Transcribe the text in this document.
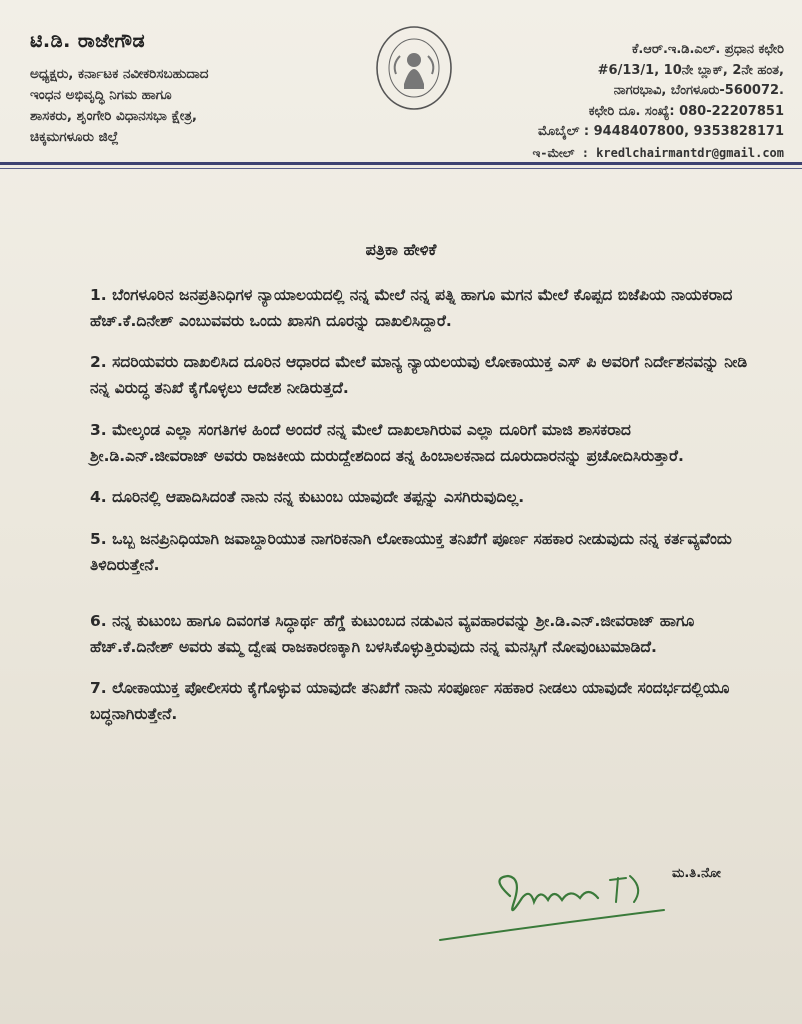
ಟಿ.ಡಿ. ರಾಜೇಗೌಡ
ಅಧ್ಯಕ್ಷರು, ಕರ್ನಾಟಕ ನವೀಕರಿಸಬಹುದಾದ
ಇಂಧನ ಅಭಿವೃದ್ಧಿ ನಿಗಮ ಹಾಗೂ
ಶಾಸಕರು, ಶೃಂಗೇರಿ ವಿಧಾನಸಭಾ ಕ್ಷೇತ್ರ,
ಚಿಕ್ಕಮಗಳೂರು ಜಿಲ್ಲೆ
ಕೆ.ಆರ್.ಇ.ಡಿ.ಎಲ್. ಪ್ರಧಾನ ಕಛೇರಿ
#6/13/1, 10ನೇ ಬ್ಲಾಕ್, 2ನೇ ಹಂತ,
ನಾಗರಭಾವಿ, ಬೆಂಗಳೂರು-560072.
ಕಛೇರಿ ದೂ. ಸಂಖ್ಯೆ: 080-22207851
ಮೊಬೈಲ್ : 9448407800, 9353828171
ಇ-ಮೇಲ್ : kredlchairmantdr@gmail.com
ಪತ್ರಿಕಾ ಹೇಳಿಕೆ

1. ಬೆಂಗಳೂರಿನ ಜನಪ್ರತಿನಿಧಿಗಳ ನ್ಯಾಯಾಲಯದಲ್ಲಿ ನನ್ನ ಮೇಲೆ ನನ್ನ ಪತ್ನಿ ಹಾಗೂ ಮಗನ ಮೇಲೆ ಕೊಪ್ಪದ ಬಿಜೆಪಿಯ ನಾಯಕರಾದ ಹೆಚ್.ಕೆ.ದಿನೇಶ್ ಎಂಬುವವರು ಒಂದು ಖಾಸಗಿ ದೂರನ್ನು ದಾಖಲಿಸಿದ್ದಾರೆ.

2. ಸದರಿಯವರು ದಾಖಲಿಸಿದ ದೂರಿನ ಆಧಾರದ ಮೇಲೆ ಮಾನ್ಯ ನ್ಯಾಯಲಯವು ಲೋಕಾಯುಕ್ತ ಎಸ್ ಪಿ ಅವರಿಗೆ ನಿರ್ದೇಶನವನ್ನು ನೀಡಿ ನನ್ನ ವಿರುದ್ಧ ತನಿಖೆ ಕೈಗೊಳ್ಳಲು ಆದೇಶ ನೀಡಿರುತ್ತದೆ.

3. ಮೇಲ್ಕಂಡ ಎಲ್ಲಾ ಸಂಗತಿಗಳ ಹಿಂದೆ ಅಂದರೆ ನನ್ನ ಮೇಲೆ ದಾಖಲಾಗಿರುವ ಎಲ್ಲಾ ದೂರಿಗೆ ಮಾಜಿ ಶಾಸಕರಾದ ಶ್ರೀ.ಡಿ.ಎನ್.ಜೀವರಾಜ್ ಅವರು ರಾಜಕೀಯ ದುರುದ್ದೇಶದಿಂದ ತನ್ನ ಹಿಂಬಾಲಕನಾದ ದೂರುದಾರನನ್ನು ಪ್ರಚೋದಿಸಿರುತ್ತಾರೆ.

4. ದೂರಿನಲ್ಲಿ ಆಪಾದಿಸಿದಂತೆ ನಾನು ನನ್ನ ಕುಟುಂಬ ಯಾವುದೇ ತಪ್ಪನ್ನು ಎಸಗಿರುವುದಿಲ್ಲ.

5. ಒಬ್ಬ ಜನಪ್ರಿನಿಧಿಯಾಗಿ ಜವಾಬ್ದಾರಿಯುತ ನಾಗರಿಕನಾಗಿ ಲೋಕಾಯುಕ್ತ ತನಿಖೆಗೆ ಪೂರ್ಣ ಸಹಕಾರ ನೀಡುವುದು ನನ್ನ ಕರ್ತವ್ಯವೆಂದು ತಿಳಿದಿರುತ್ತೇನೆ.

6. ನನ್ನ ಕುಟುಂಬ ಹಾಗೂ ದಿವಂಗತ ಸಿದ್ಧಾರ್ಥ ಹೆಗ್ಡೆ ಕುಟುಂಬದ ನಡುವಿನ ವ್ಯವಹಾರವನ್ನು ಶ್ರೀ.ಡಿ.ಎನ್.ಜೀವರಾಜ್ ಹಾಗೂ ಹೆಚ್.ಕೆ.ದಿನೇಶ್ ಅವರು ತಮ್ಮ ದ್ವೇಷ ರಾಜಕಾರಣಕ್ಕಾಗಿ ಬಳಸಿಕೊಳ್ಳುತ್ತಿರುವುದು ನನ್ನ ಮನಸ್ಸಿಗೆ ನೋವುಂಟುಮಾಡಿದೆ.

7. ಲೋಕಾಯುಕ್ತ ಪೋಲೀಸರು ಕೈಗೊಳ್ಳುವ ಯಾವುದೇ ತನಿಖೆಗೆ ನಾನು ಸಂಪೂರ್ಣ ಸಹಕಾರ ನೀಡಲು ಯಾವುದೇ ಸಂದರ್ಭದಲ್ಲಿಯೂ ಬದ್ಧನಾಗಿರುತ್ತೇನೆ.

ಮ.ತಿ.ನೋ
